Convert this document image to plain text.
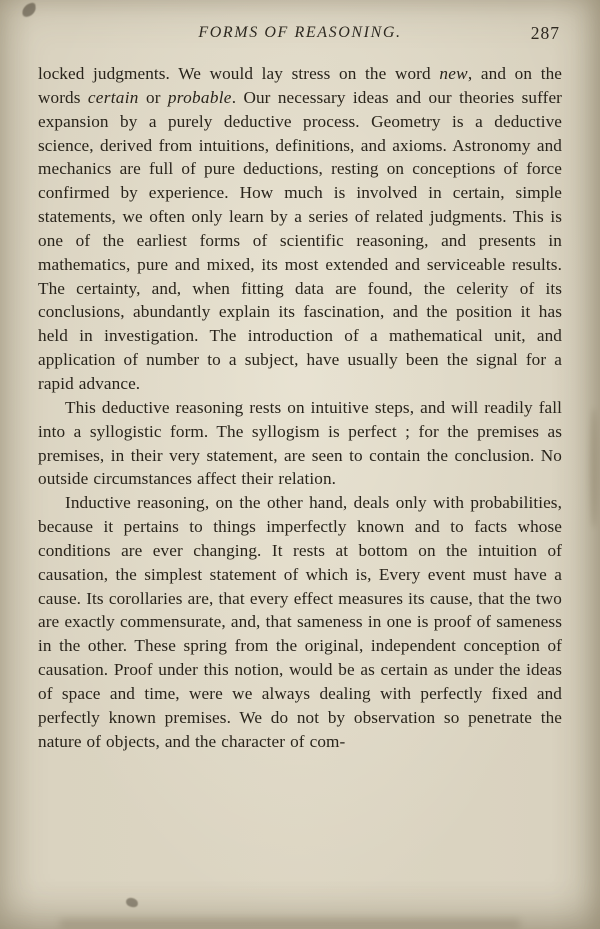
FORMS OF REASONING.	287

locked judgments. We would lay stress on the word new, and on the words certain or probable. Our necessary ideas and our theories suffer expansion by a purely deductive process. Geometry is a deductive science, derived from intuitions, definitions, and axioms. Astronomy and mechanics are full of pure deductions, resting on conceptions of force confirmed by experience. How much is involved in certain, simple statements, we often only learn by a series of related judgments. This is one of the earliest forms of scientific reasoning, and presents in mathematics, pure and mixed, its most extended and serviceable results. The certainty, and, when fitting data are found, the celerity of its conclusions, abundantly explain its fascination, and the position it has held in investigation. The introduction of a mathematical unit, and application of number to a subject, have usually been the signal for a rapid advance.

This deductive reasoning rests on intuitive steps, and will readily fall into a syllogistic form. The syllogism is perfect ; for the premises as premises, in their very statement, are seen to contain the conclusion. No outside circumstances affect their relation.

Inductive reasoning, on the other hand, deals only with probabilities, because it pertains to things imperfectly known and to facts whose conditions are ever changing. It rests at bottom on the intuition of causation, the simplest statement of which is, Every event must have a cause. Its corollaries are, that every effect measures its cause, that the two are exactly commensurate, and, that sameness in one is proof of sameness in the other. These spring from the original, independent conception of causation. Proof under this notion, would be as certain as under the ideas of space and time, were we always dealing with perfectly fixed and perfectly known premises. We do not by observation so penetrate the nature of objects, and the character of com-
